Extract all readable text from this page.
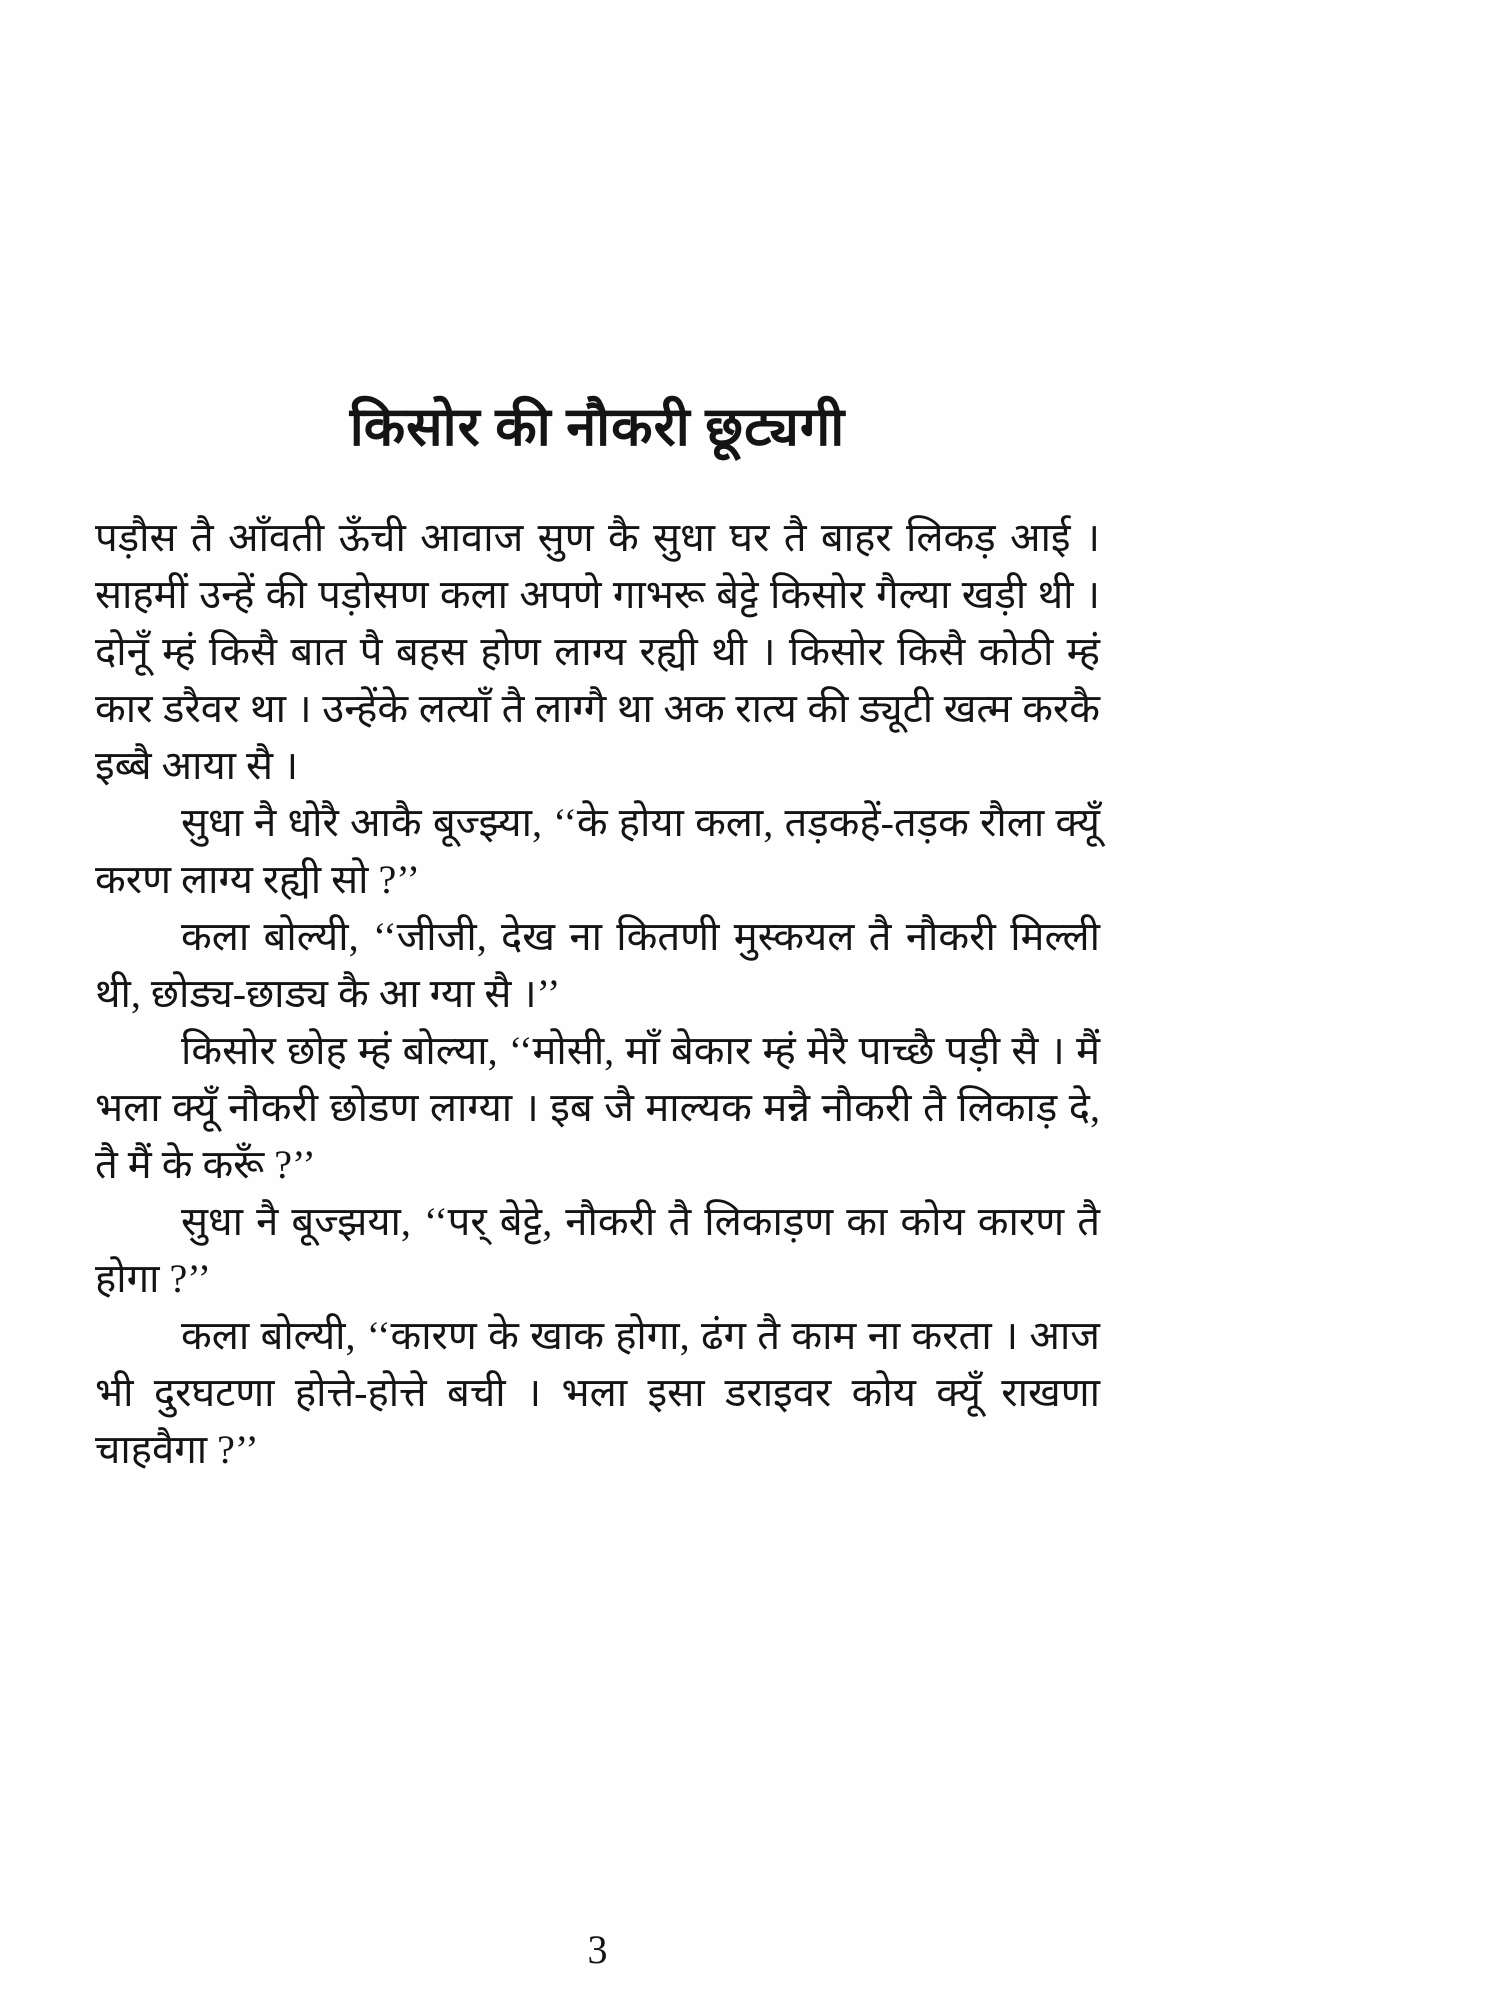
किसोर की नौकरी छूट्यगी

पड़ौस तै आँवती ऊँची आवाज सुण कै सुधा घर तै बाहर लिकड़ आई । साहमीं उन्हें की पड़ोसण कला अपणे गाभरू बेट्टे किसोर गैल्या खड़ी थी । दोनूँ म्हं किसै बात पै बहस होण लाग्य रह्यी थी । किसोर किसै कोठी म्हं कार डरैवर था । उन्हेंके लत्याँ तै लाग्गै था अक रात्य की ड्यूटी खत्म करकै इब्बै आया सै ।

सुधा नै धोरै आकै बूज्झ्या, ‘‘के होया कला, तड़कहें-तड़क रौला क्यूँ करण लाग्य रह्यी सो ?’’

कला बोल्यी, ‘‘जीजी, देख ना कितणी मुस्कयल तै नौकरी मिल्ली थी, छोड्य-छाड्य कै आ ग्या सै ।’’

किसोर छोह म्हं बोल्या, ‘‘मोसी, माँ बेकार म्हं मेरै पाच्छै पड़ी सै । मैं भला क्यूँ नौकरी छोडण लाग्या । इब जै माल्यक मन्नै नौकरी तै लिकाड़ दे, तै मैं के करूँ ?’’

सुधा नै बूज्झया, ‘‘पर् बेट्टे, नौकरी तै लिकाड़ण का कोय कारण तै होगा ?’’

कला बोल्यी, ‘‘कारण के खाक होगा, ढंग तै काम ना करता । आज भी दुरघटणा होत्ते-होत्ते बची । भला इसा डराइवर कोय क्यूँ राखणा चाहवैगा ?’’

3
